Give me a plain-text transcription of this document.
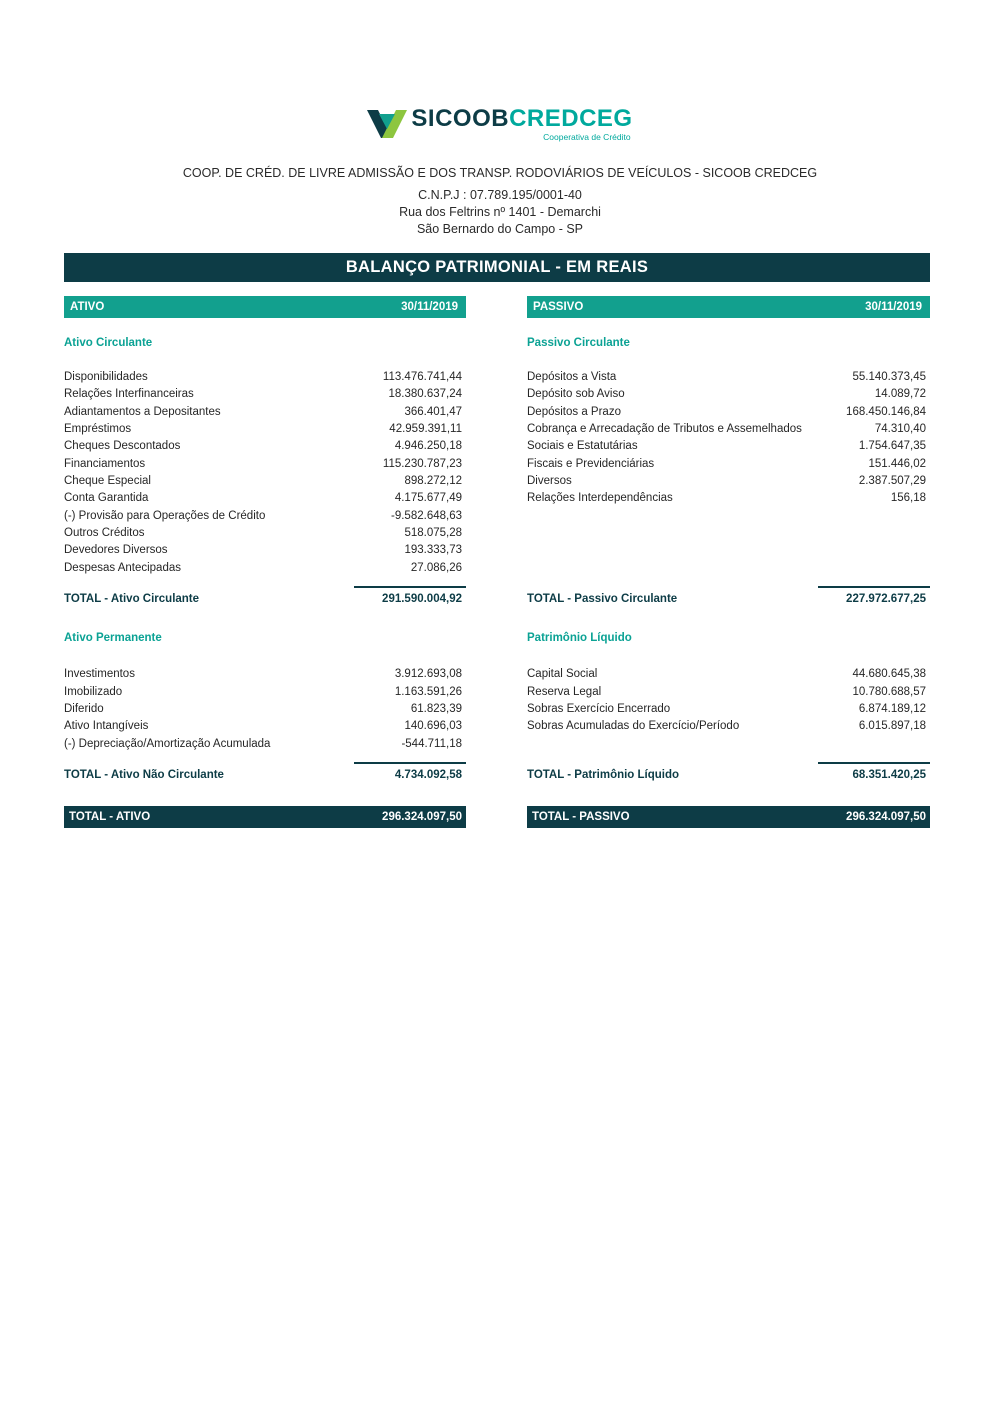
SICOOBCREDCEG
Cooperativa de Crédito
COOP. DE CRÉD. DE LIVRE ADMISSÃO E DOS TRANSP. RODOVIÁRIOS DE VEÍCULOS - SICOOB CREDCEG
C.N.P.J : 07.789.195/0001-40
Rua dos Feltrins nº 1401 - Demarchi
São Bernardo do Campo - SP
BALANÇO PATRIMONIAL - EM REAIS
ATIVO	30/11/2019
Ativo Circulante
Disponibilidades	113.476.741,44
Relações Interfinanceiras	18.380.637,24
Adiantamentos a Depositantes	366.401,47
Empréstimos	42.959.391,11
Cheques Descontados	4.946.250,18
Financiamentos	115.230.787,23
Cheque Especial	898.272,12
Conta Garantida	4.175.677,49
(-) Provisão para Operações de Crédito	-9.582.648,63
Outros Créditos	518.075,28
Devedores Diversos	193.333,73
Despesas Antecipadas	27.086,26
TOTAL - Ativo Circulante	291.590.004,92
Ativo Permanente
Investimentos	3.912.693,08
Imobilizado	1.163.591,26
Diferido	61.823,39
Ativo Intangíveis	140.696,03
(-) Depreciação/Amortização Acumulada	-544.711,18
TOTAL - Ativo Não Circulante	4.734.092,58
TOTAL - ATIVO	296.324.097,50
PASSIVO	30/11/2019
Passivo Circulante
Depósitos a Vista	55.140.373,45
Depósito sob Aviso	14.089,72
Depósitos a Prazo	168.450.146,84
Cobrança e Arrecadação de Tributos e Assemelhados	74.310,40
Sociais e Estatutárias	1.754.647,35
Fiscais e Previdenciárias	151.446,02
Diversos	2.387.507,29
Relações Interdependências	156,18
TOTAL - Passivo Circulante	227.972.677,25
Patrimônio Líquido
Capital Social	44.680.645,38
Reserva Legal	10.780.688,57
Sobras Exercício Encerrado	6.874.189,12
Sobras Acumuladas do Exercício/Período	6.015.897,18
TOTAL - Patrimônio Líquido	68.351.420,25
TOTAL - PASSIVO	296.324.097,50
